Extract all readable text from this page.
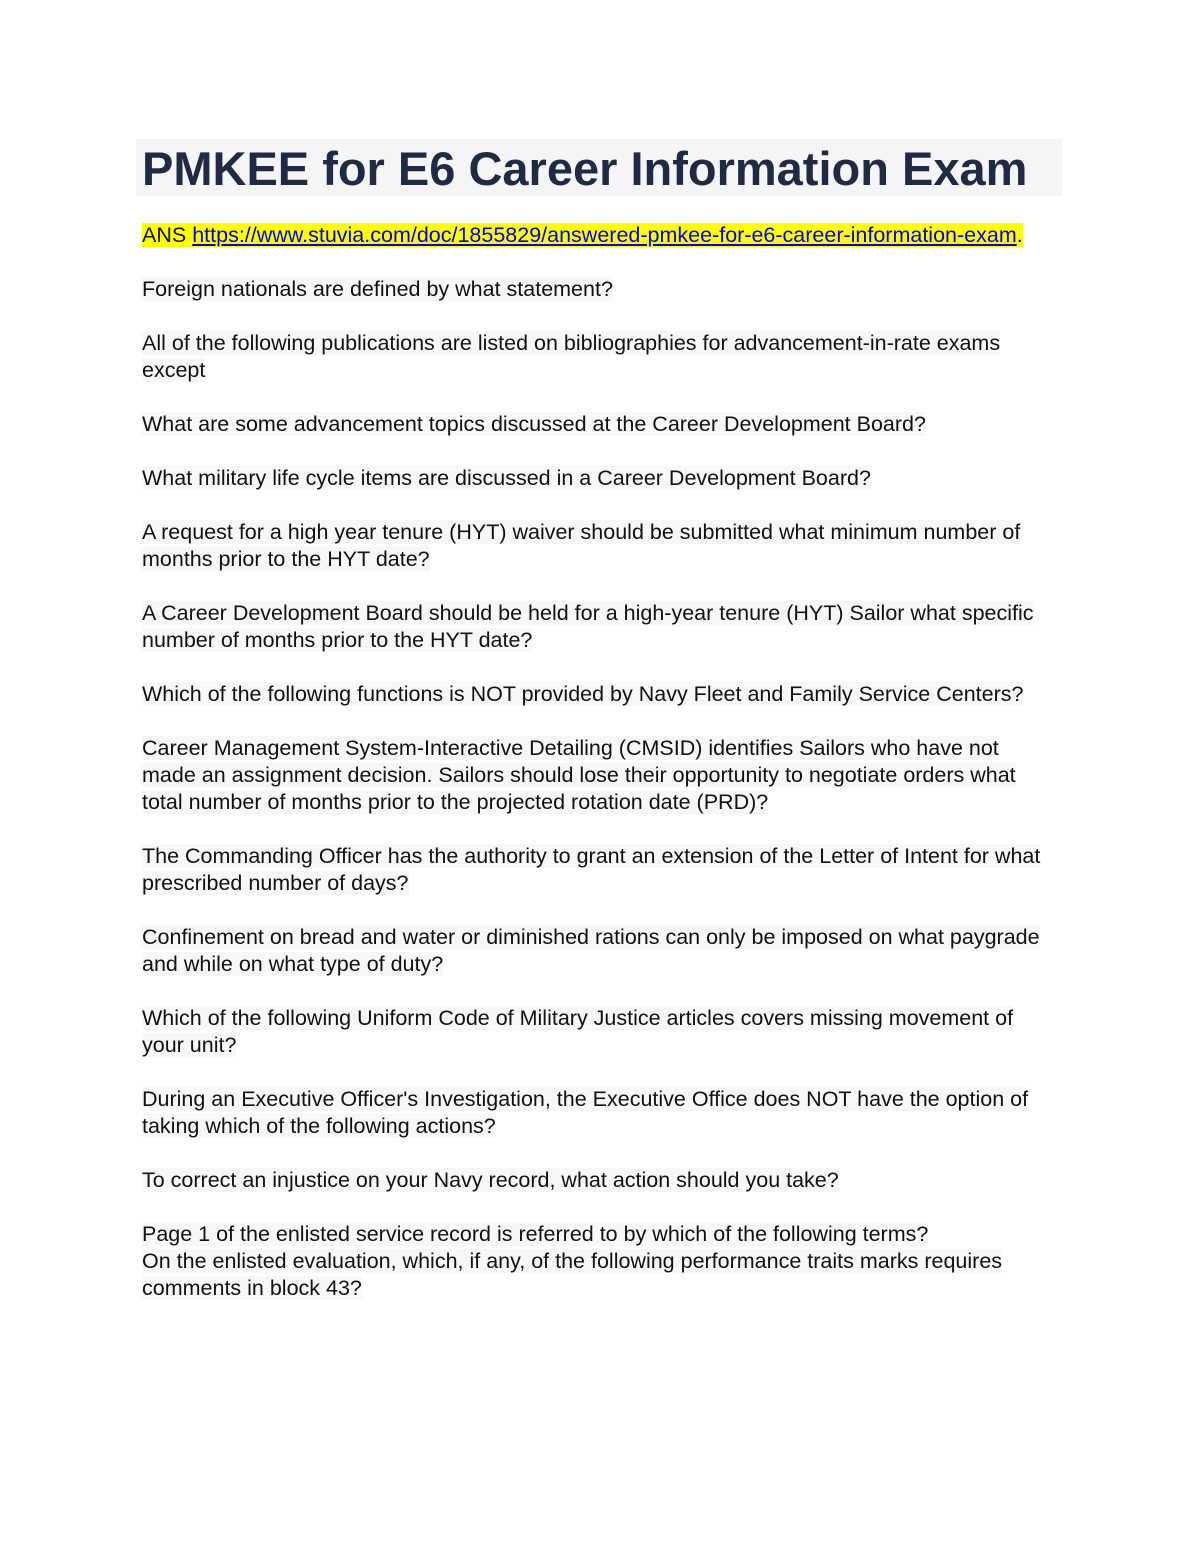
PMKEE for E6 Career Information Exam

ANS https://www.stuvia.com/doc/1855829/answered-pmkee-for-e6-career-information-exam.

Foreign nationals are defined by what statement?

All of the following publications are listed on bibliographies for advancement-in-rate exams except

What are some advancement topics discussed at the Career Development Board?

What military life cycle items are discussed in a Career Development Board?

A request for a high year tenure (HYT) waiver should be submitted what minimum number of months prior to the HYT date?

A Career Development Board should be held for a high-year tenure (HYT) Sailor what specific number of months prior to the HYT date?

Which of the following functions is NOT provided by Navy Fleet and Family Service Centers?

Career Management System-Interactive Detailing (CMSID) identifies Sailors who have not made an assignment decision. Sailors should lose their opportunity to negotiate orders what total number of months prior to the projected rotation date (PRD)?

The Commanding Officer has the authority to grant an extension of the Letter of Intent for what prescribed number of days?

Confinement on bread and water or diminished rations can only be imposed on what paygrade and while on what type of duty?

Which of the following Uniform Code of Military Justice articles covers missing movement of your unit?

During an Executive Officer's Investigation, the Executive Office does NOT have the option of taking which of the following actions?

To correct an injustice on your Navy record, what action should you take?

Page 1 of the enlisted service record is referred to by which of the following terms?

On the enlisted evaluation, which, if any, of the following performance traits marks requires comments in block 43?
